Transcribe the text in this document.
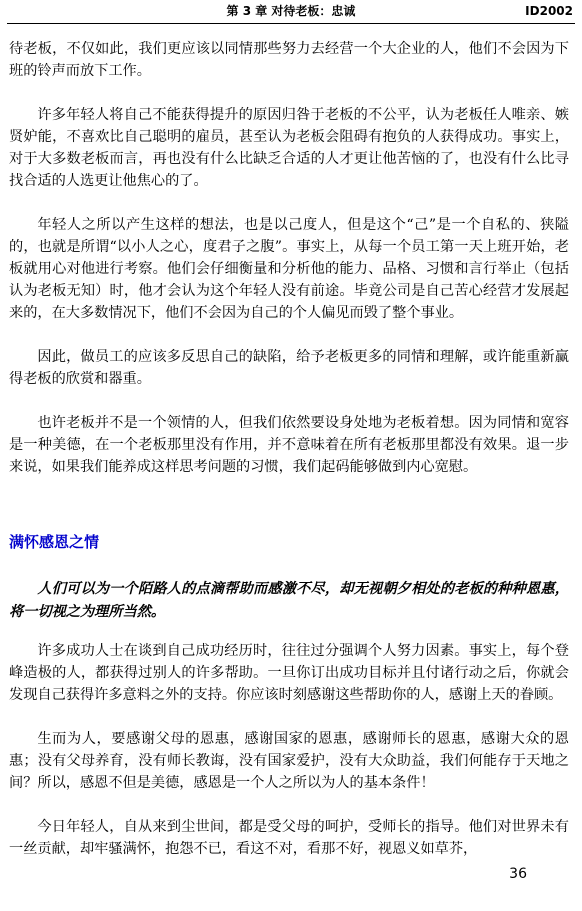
第 3 章 对待老板：忠诚	ID2002

待老板，不仅如此，我们更应该以同情那些努力去经营一个大企业的人，他们不会因为下班的铃声而放下工作。

许多年轻人将自己不能获得提升的原因归咎于老板的不公平，认为老板任人唯亲、嫉贤妒能，不喜欢比自己聪明的雇员，甚至认为老板会阻碍有抱负的人获得成功。事实上，对于大多数老板而言，再也没有什么比缺乏合适的人才更让他苦恼的了，也没有什么比寻找合适的人选更让他焦心的了。

年轻人之所以产生这样的想法，也是以己度人，但是这个“己”是一个自私的、狭隘的，也就是所谓“以小人之心，度君子之腹”。事实上，从每一个员工第一天上班开始，老板就用心对他进行考察。他们会仔细衡量和分析他的能力、品格、习惯和言行举止（包括认为老板无知）时，他才会认为这个年轻人没有前途。毕竟公司是自己苦心经营才发展起来的，在大多数情况下，他们不会因为自己的个人偏见而毁了整个事业。

因此，做员工的应该多反思自己的缺陷，给予老板更多的同情和理解，或许能重新赢得老板的欣赏和器重。

也许老板并不是一个领情的人，但我们依然要设身处地为老板着想。因为同情和宽容是一种美德，在一个老板那里没有作用，并不意味着在所有老板那里都没有效果。退一步来说，如果我们能养成这样思考问题的习惯，我们起码能够做到内心宽慰。

满怀感恩之情

人们可以为一个陌路人的点滴帮助而感激不尽，却无视朝夕相处的老板的种种恩惠，将一切视之为理所当然。

许多成功人士在谈到自己成功经历时，往往过分强调个人努力因素。事实上，每个登峰造极的人，都获得过别人的许多帮助。一旦你订出成功目标并且付诸行动之后，你就会发现自己获得许多意料之外的支持。你应该时刻感谢这些帮助你的人，感谢上天的眷顾。

生而为人，要感谢父母的恩惠，感谢国家的恩惠，感谢师长的恩惠，感谢大众的恩惠；没有父母养育，没有师长教诲，没有国家爱护，没有大众助益，我们何能存于天地之间？所以，感恩不但是美德，感恩是一个人之所以为人的基本条件！

今日年轻人，自从来到尘世间，都是受父母的呵护，受师长的指导。他们对世界未有一丝贡献，却牢骚满怀，抱怨不已，看这不对，看那不好，视恩义如草芥，

36
